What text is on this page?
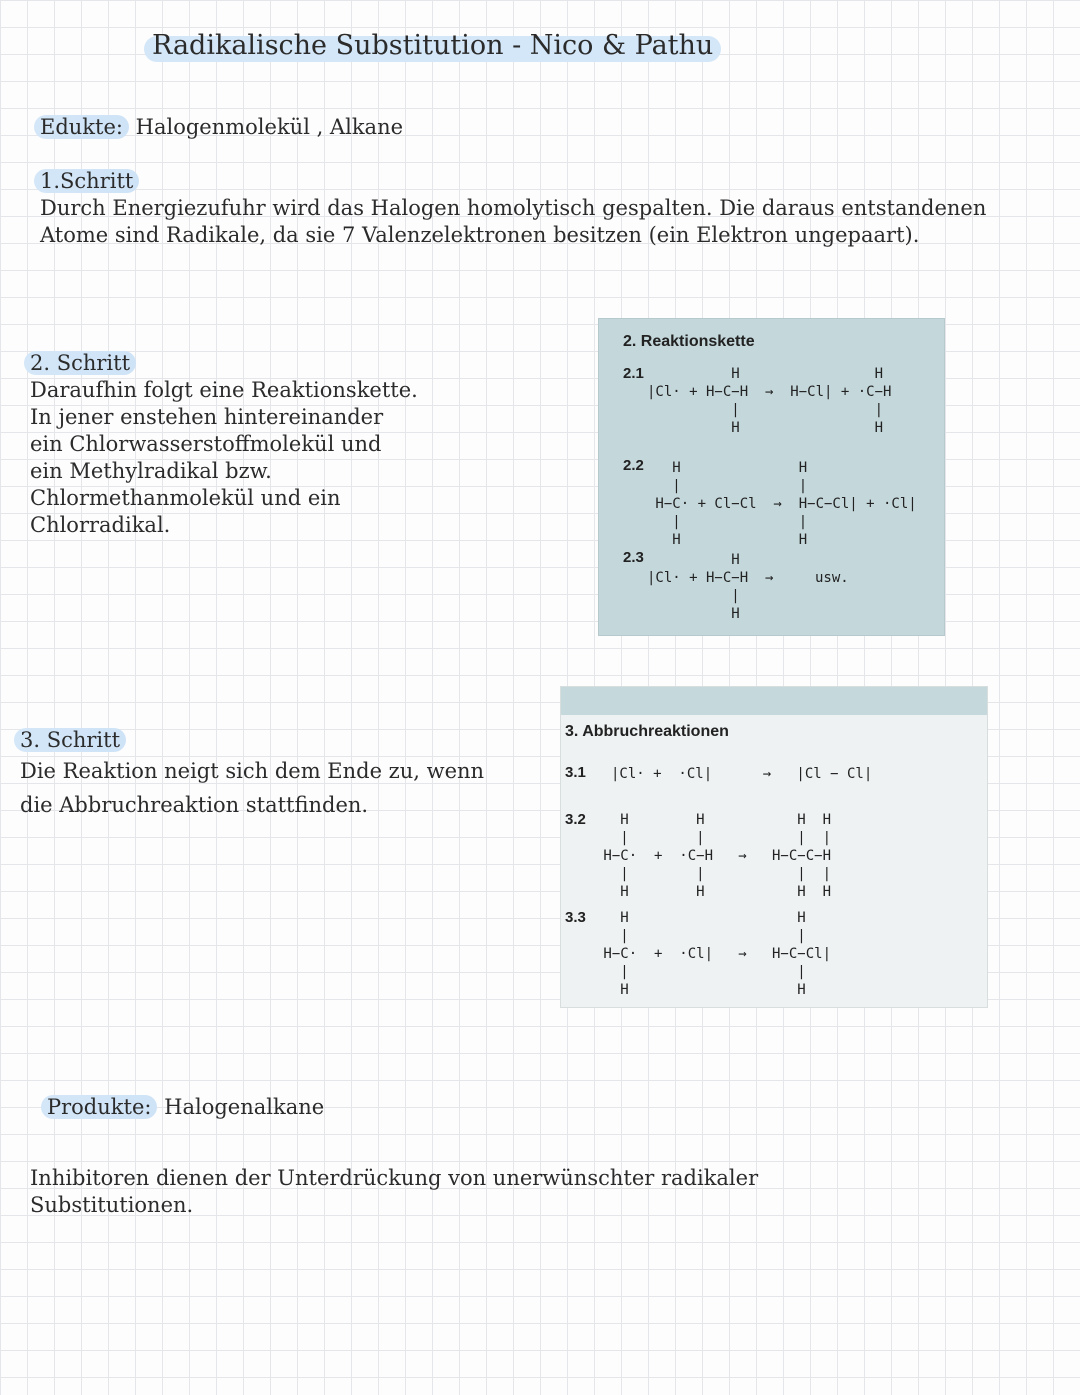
Radikalische Substitution - Nico & Pathu
Edukte: Halogenmolekül , Alkane
1.Schritt
Durch Energiezufuhr wird das Halogen homolytisch gespalten. Die daraus entstandenen Atome sind Radikale, da sie 7 Valenzelektronen besitzen (ein Elektron ungepaart).
2. Schritt
Daraufhin folgt eine Reaktionskette.
In jener enstehen hintereinander
ein Chlorwasserstoffmolekül und
ein Methylradikal bzw.
Chlormethanmolekül und ein
Chlorradikal.
2. Reaktionskette
2.1	H                H
|Cl· + H−C−H  →  H−Cl| + ·C−H
|                |
H                H
2.2	H              H
|              |
H−C· + Cl−Cl  →  H−C−Cl| + ·Cl|
|              |
H              H
2.3	H
|Cl· + H−C−H  →	usw.
|
H
3. Schritt
Die Reaktion neigt sich dem Ende zu, wenn
die Abbruchreaktion stattfinden.
3. Abbruchreaktionen
3.1 |Cl· +  ·Cl|      →   |Cl − Cl|
3.2	H        H           H  H
|        |           |  |
H−C·  +  ·C−H   →   H−C−C−H
|        |           |  |
H        H           H  H
3.3	H                    H
|                    |
H−C·  +  ·Cl|   →   H−C−Cl|
|                    |
H                    H
Produkte: Halogenalkane
Inhibitoren dienen der Unterdrückung von unerwünschter radikaler
Substitutionen.
